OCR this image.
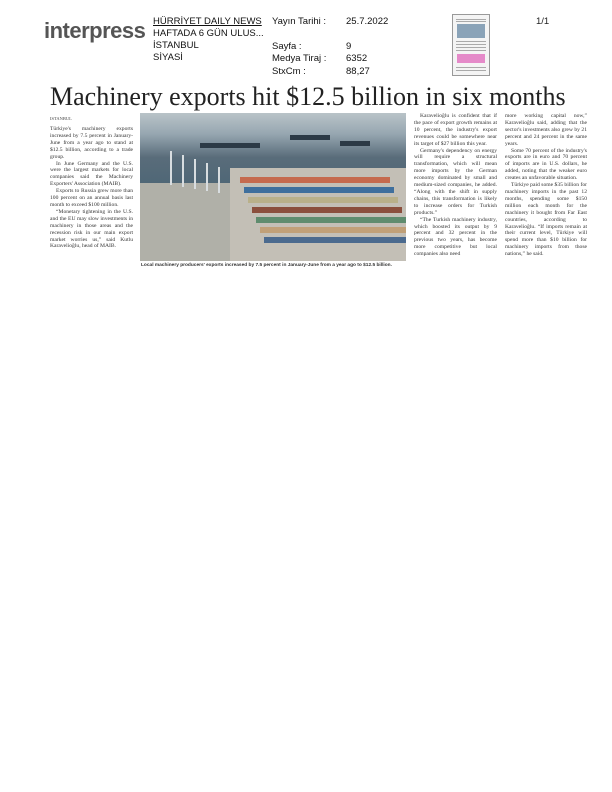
interpress HÜRRİYET DAILY NEWS
HAFTADA 6 GÜN ULUS...
İSTANBUL
SİYASİ
Yayın Tarihi :
Sayfa :
Medya Tiraj :
StxCm :
25.7.2022
9
6352
88,27
1/1
Machinery exports hit $12.5 billion in six months
ISTANBUL

Türkiye's machinery exports increased by 7.5 percent in January-June from a year ago to stand at $12.5 billion, according to a trade group.

In June Germany and the U.S. were the largest markets for local companies said the Machinery Exporters' Association (MAIB).

Exports to Russia grew more than 100 percent on an annual basis last month to exceed $100 million.

“Monetary tightening in the U.S. and the EU may slow investments in machinery in those areas and the recession risk in our main export market worries us,” said Kutlu Karavelioğlu, head of MAIB.

Local machinery producers' exports increased by 7.5 percent in January-June from a year ago to $12.5 billion.

Karavelioğlu is confident that if the pace of export growth remains at 10 percent, the industry's export revenues could be somewhere near its target of $27 billion this year.

Germany's dependency on energy will require a structural transformation, which will mean more imports by the German economy dominated by small and medium-sized companies, he added. “Along with the shift in supply chains, this transformation is likely to increase orders for Turkish products.”

“The Turkish machinery industry, which boosted its output by 9 percent and 32 percent in the previous two years, has become more competitive but local companies also need

more working capital now,” Karavelioğlu said, adding that the sector's investments also grew by 21 percent and 24 percent in the same years.

Some 70 percent of the industry's exports are in euro and 70 percent of imports are in U.S. dollars, he added, noting that the weaker euro creates an unfavorable situation.

Türkiye paid some $35 billion for machinery imports in the past 12 months, spending some $150 million each month for the machinery it bought from Far East countries, according to Karavelioğlu. “If imports remain at their current level, Türkiye will spend more than $10 billion for machinery imports from those nations,” he said.
